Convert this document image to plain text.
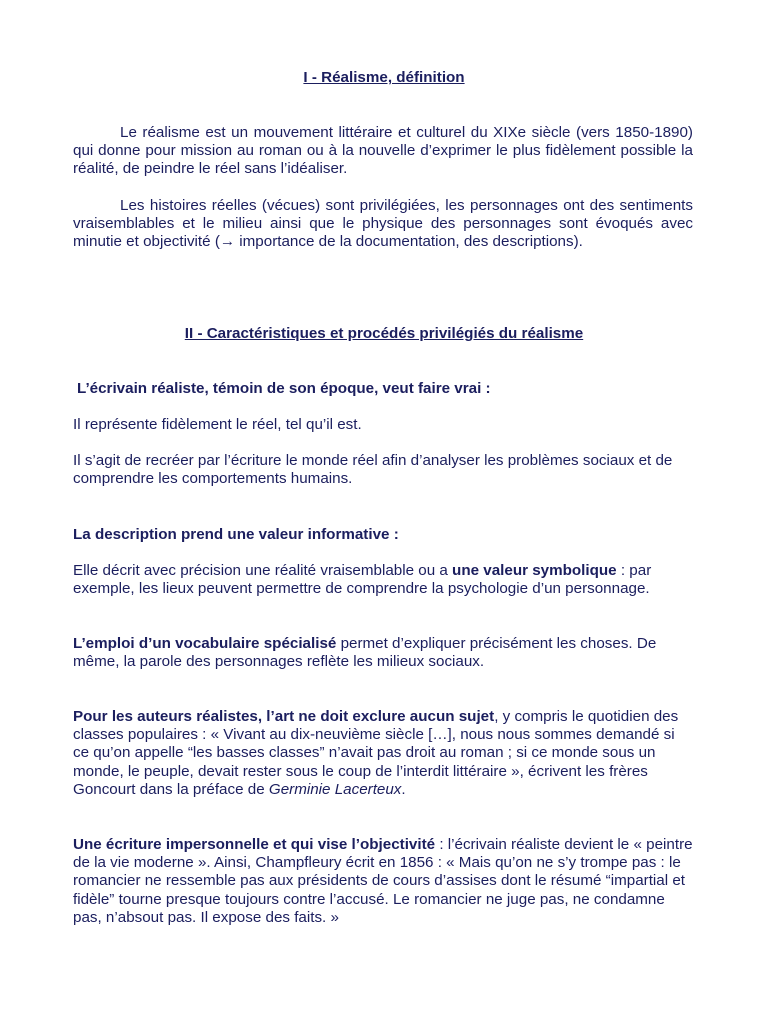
I - Réalisme, définition

Le réalisme est un mouvement littéraire et culturel du XIXe siècle (vers 1850-1890) qui donne pour mission au roman ou à la nouvelle d’exprimer le plus fidèlement possible la réalité, de peindre le réel sans l’idéaliser.

Les histoires réelles (vécues) sont privilégiées, les personnages ont des sentiments vraisemblables et le milieu ainsi que le physique des personnages sont évoqués avec minutie et objectivité (→ importance de la documentation, des descriptions).

II - Caractéristiques et procédés privilégiés du réalisme

L’écrivain réaliste, témoin de son époque, veut faire vrai :

Il représente fidèlement le réel, tel qu’il est.

Il s’agit de recréer par l’écriture le monde réel afin d’analyser les problèmes sociaux et de comprendre les comportements humains.

La description prend une valeur informative :

Elle décrit avec précision une réalité vraisemblable ou a une valeur symbolique : par exemple, les lieux peuvent permettre de comprendre la psychologie d’un personnage.

L’emploi d’un vocabulaire spécialisé permet d’expliquer précisément les choses. De même, la parole des personnages reflète les milieux sociaux.

Pour les auteurs réalistes, l’art ne doit exclure aucun sujet, y compris le quotidien des classes populaires : « Vivant au dix-neuvième siècle […], nous nous sommes demandé si ce qu’on appelle “les basses classes” n’avait pas droit au roman ; si ce monde sous un monde, le peuple, devait rester sous le coup de l’interdit littéraire », écrivent les frères Goncourt dans la préface de Germinie Lacerteux.

Une écriture impersonnelle et qui vise l’objectivité : l’écrivain réaliste devient le « peintre de la vie moderne ». Ainsi, Champfleury écrit en 1856 : « Mais qu’on ne s’y trompe pas : le romancier ne ressemble pas aux présidents de cours d’assises dont le résumé “impartial et fidèle” tourne presque toujours contre l’accusé. Le romancier ne juge pas, ne condamne pas, n’absout pas. Il expose des faits. »
